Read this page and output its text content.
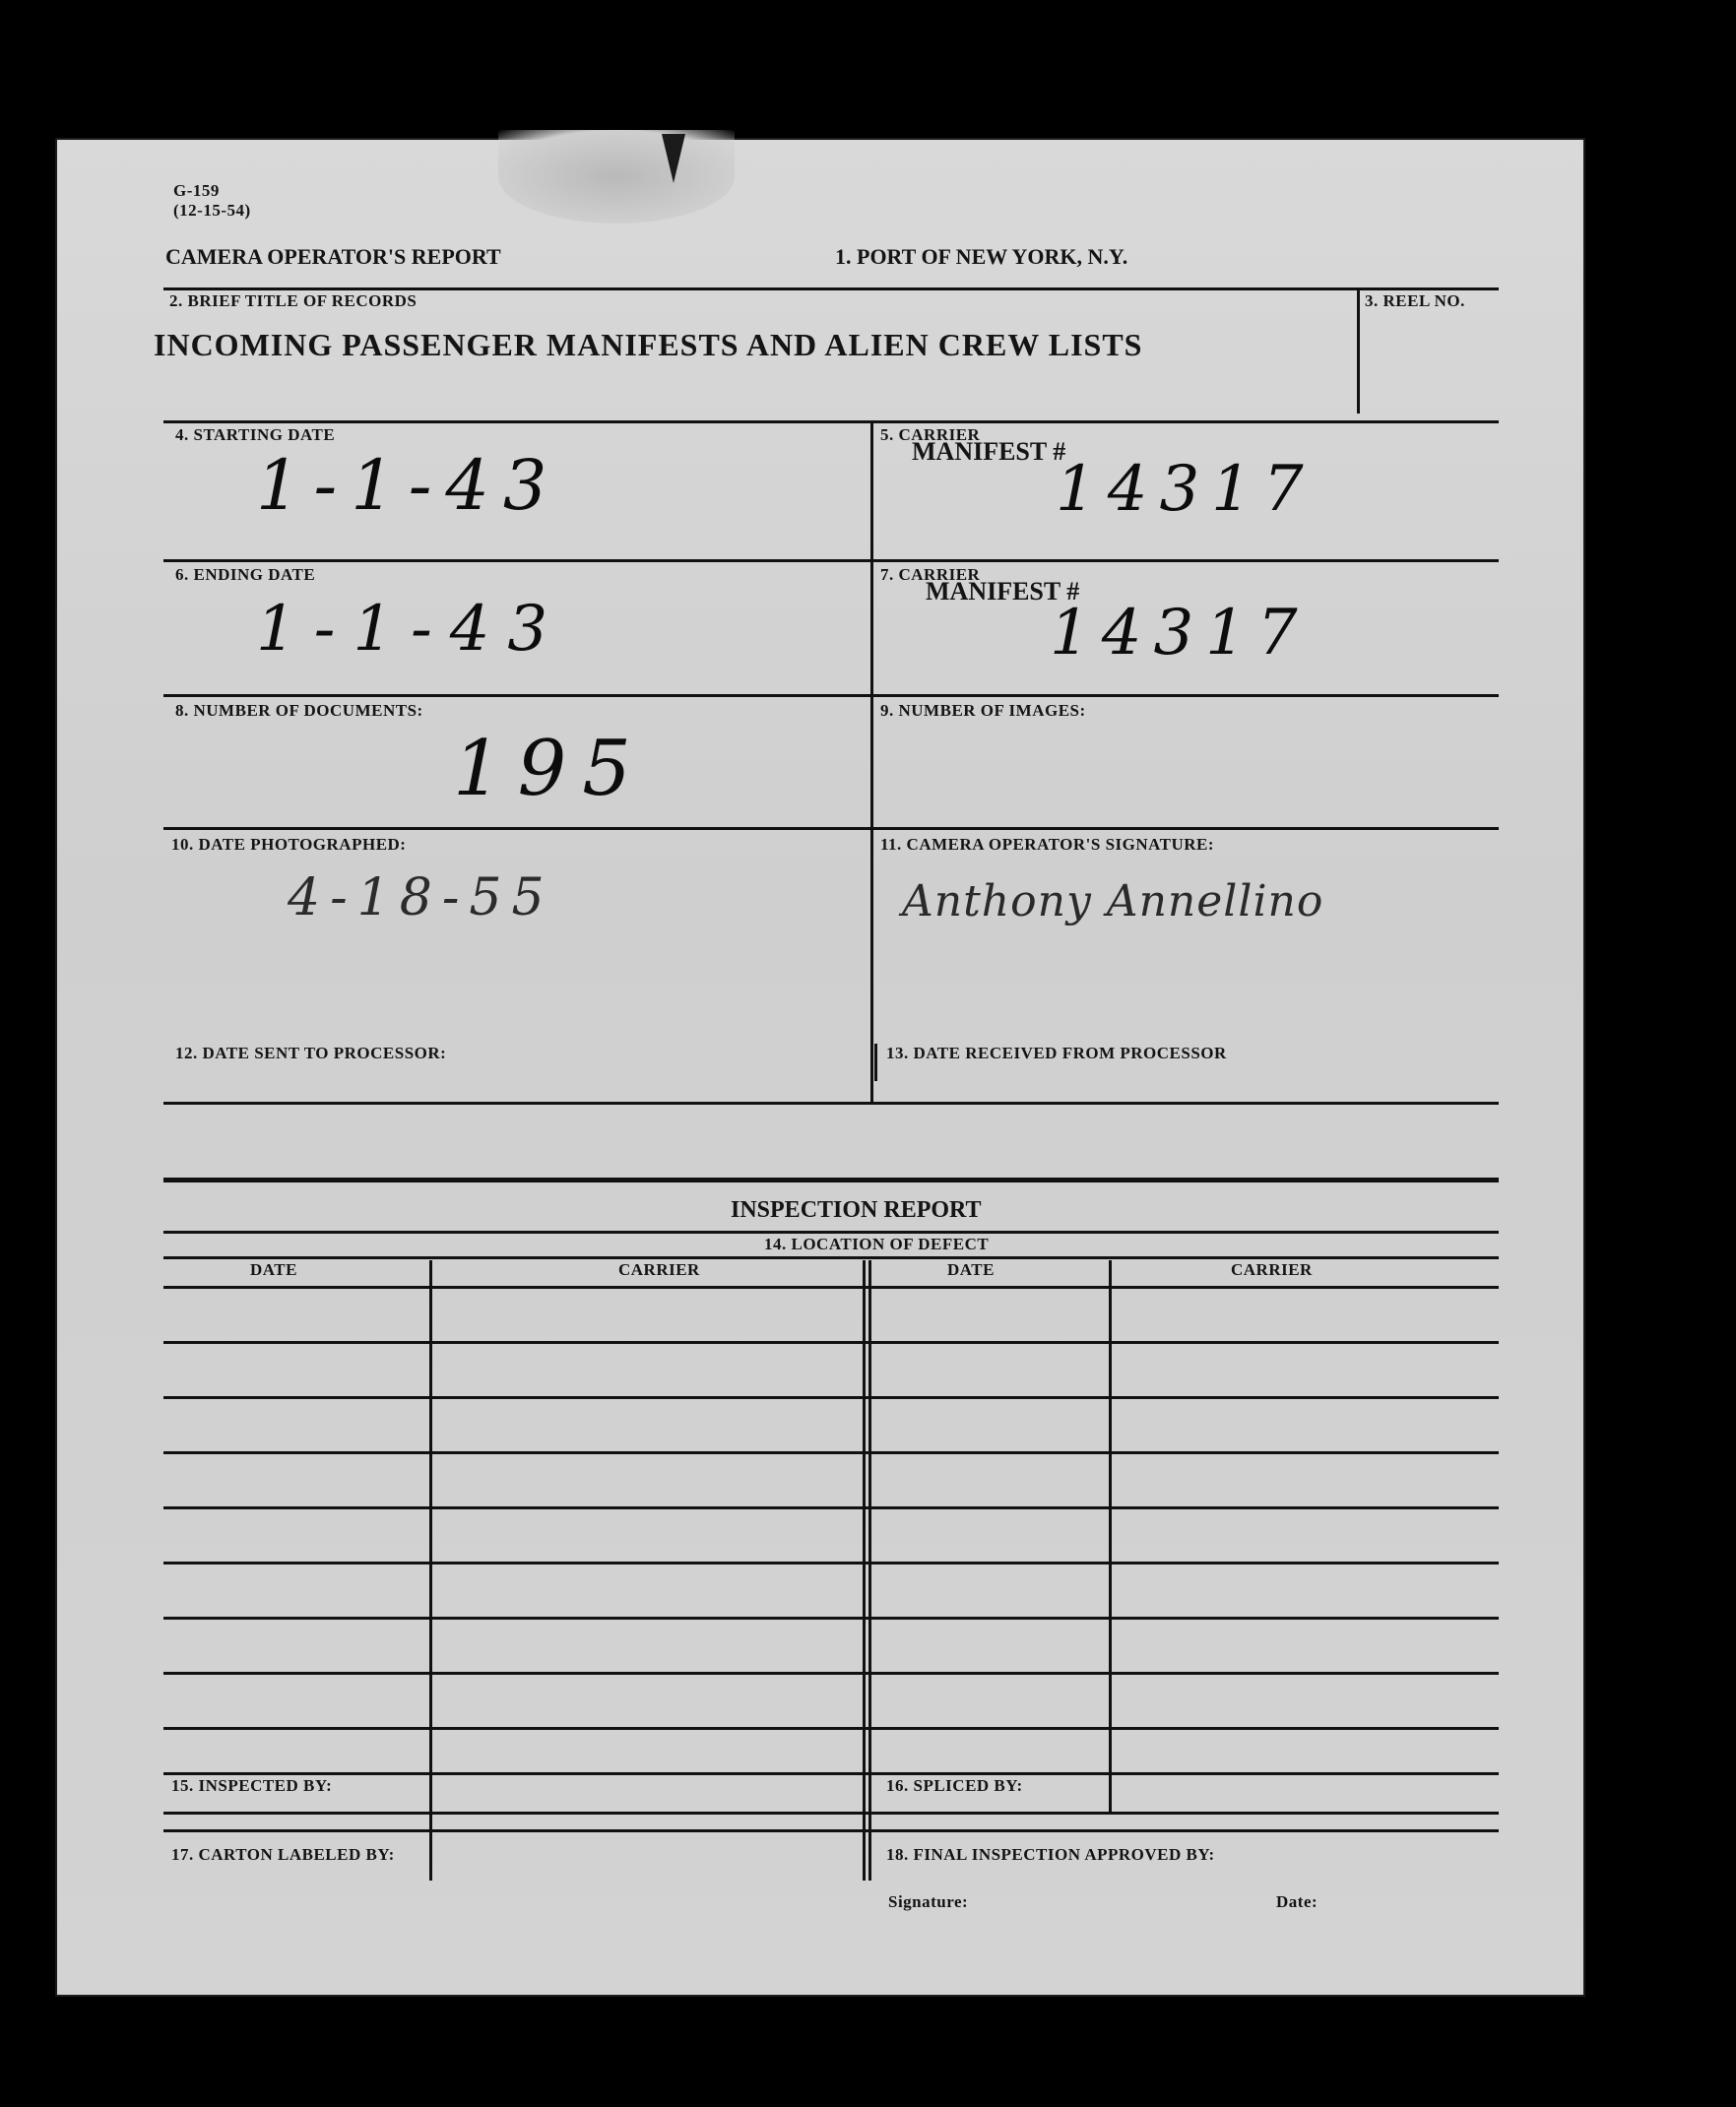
G-159
(12-15-54)
CAMERA OPERATOR'S REPORT	1. PORT OF NEW YORK, N.Y.
2. BRIEF TITLE OF RECORDS	3. REEL NO.
INCOMING PASSENGER MANIFESTS AND ALIEN CREW LISTS
4. STARTING DATE
1-1-43
5. CARRIER
MANIFEST #
14317
6. ENDING DATE
1-1-43
7. CARRIER
MANIFEST #
14317
8. NUMBER OF DOCUMENTS:
195
9. NUMBER OF IMAGES:
10. DATE PHOTOGRAPHED:
4-18-55
11. CAMERA OPERATOR'S SIGNATURE:
Anthony Annellino
12. DATE SENT TO PROCESSOR:	13. DATE RECEIVED FROM PROCESSOR
INSPECTION REPORT
14. LOCATION OF DEFECT
DATE	CARRIER	DATE	CARRIER
15. INSPECTED BY:	16. SPLICED BY:
17. CARTON LABELED BY:	18. FINAL INSPECTION APPROVED BY:
Signature:	Date:
